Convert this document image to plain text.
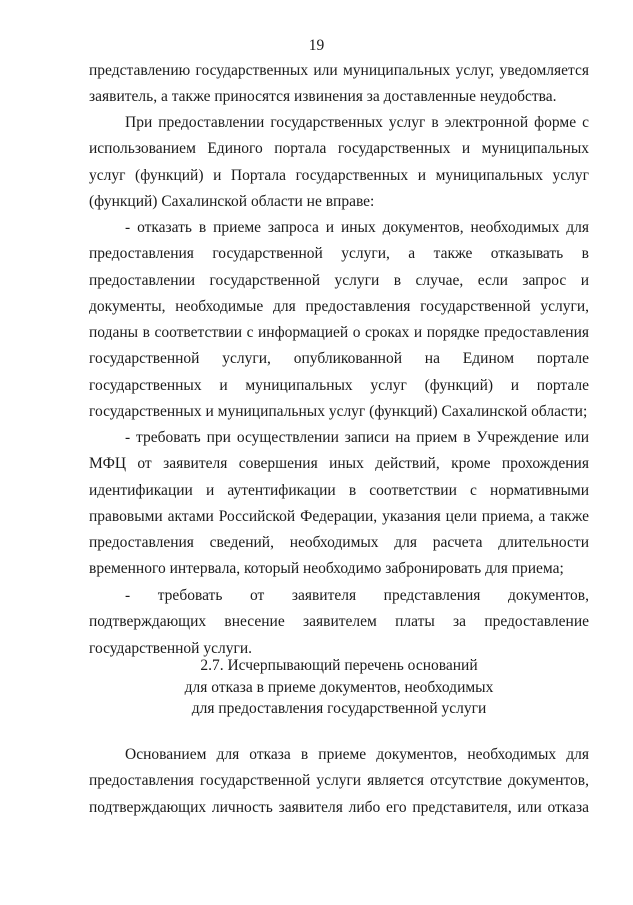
19

представлению государственных или муниципальных услуг, уведомляется заявитель, а также приносятся извинения за доставленные неудобства.

При предоставлении государственных услуг в электронной форме с использованием Единого портала государственных и муниципальных услуг (функций) и Портала государственных и муниципальных услуг (функций) Сахалинской области не вправе:

- отказать в приеме запроса и иных документов, необходимых для предоставления государственной услуги, а также отказывать в предоставлении государственной услуги в случае, если запрос и документы, необходимые для предоставления государственной услуги, поданы в соответствии с информацией о сроках и порядке предоставления государственной услуги, опубликованной на Едином портале государственных и муниципальных услуг (функций) и портале государственных и муниципальных услуг (функций) Сахалинской области;

- требовать при осуществлении записи на прием в Учреждение или МФЦ от заявителя совершения иных действий, кроме прохождения идентификации и аутентификации в соответствии с нормативными правовыми актами Российской Федерации, указания цели приема, а также предоставления сведений, необходимых для расчета длительности временного интервала, который необходимо забронировать для приема;

- требовать от заявителя представления документов, подтверждающих внесение заявителем платы за предоставление государственной услуги.

2.7. Исчерпывающий перечень оснований
для отказа в приеме документов, необходимых
для предоставления государственной услуги

Основанием для отказа в приеме документов, необходимых для предоставления государственной услуги является отсутствие документов, подтверждающих личность заявителя либо его представителя, или отказа
